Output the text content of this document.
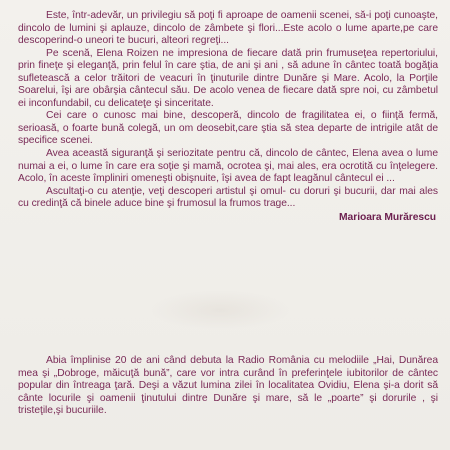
Este, într-adevăr, un privilegiu să poţi fi aproape de oamenii scenei, să-i poţi cunoaşte, dincolo de lumini şi aplauze, dincolo de zâmbete şi flori...Este acolo o lume aparte,pe care descoperind-o uneori te bucuri, alteori regreţi...

Pe scenă, Elena Roizen ne impresiona de fiecare dată prin frumuseţea repertoriului, prin fineţe şi eleganţă, prin felul în care ştia, de ani şi ani , să adune în cântec toată bogăţia sufletească a celor trăitori de veacuri în ţinuturile dintre Dunăre şi Mare. Acolo, la Porţile Soarelui, îşi are obârşia cântecul său. De acolo venea de fiecare dată spre noi, cu zâmbetul ei inconfundabil, cu delicateţe şi sinceritate.

Cei care o cunosc mai bine, descoperă, dincolo de fragilitatea ei, o fiinţă fermă, serioasă, o foarte bună colegă, un om deosebit,care ştia să stea departe de intrigile atât de specifice scenei.

Avea această siguranţă şi seriozitate pentru că, dincolo de cântec, Elena avea o lume numai a ei, o lume în care era soţie şi mamă, ocrotea şi, mai ales, era ocrotită cu înţelegere. Acolo, în aceste împliniri omeneşti obişnuite, îşi avea de fapt leagănul cântecul ei ...

Ascultaţi-o cu atenţie, veţi descoperi artistul şi omul- cu doruri şi bucurii, dar mai ales cu credinţă că binele aduce bine şi frumosul la frumos trage...

Marioara Murărescu

Abia împlinise 20 de ani când debuta la Radio România cu melodiile „Hai, Dunărea mea şi „Dobroge, măicuţă bună”, care vor intra curând în preferinţele iubitorilor de cântec popular din întreaga ţară. Deşi a văzut lumina zilei în localitatea Ovidiu, Elena şi-a dorit să cânte locurile şi oamenii ţinutului dintre Dunăre şi mare, să le „poarte” şi dorurile , şi tristeţile,şi bucuriile.
